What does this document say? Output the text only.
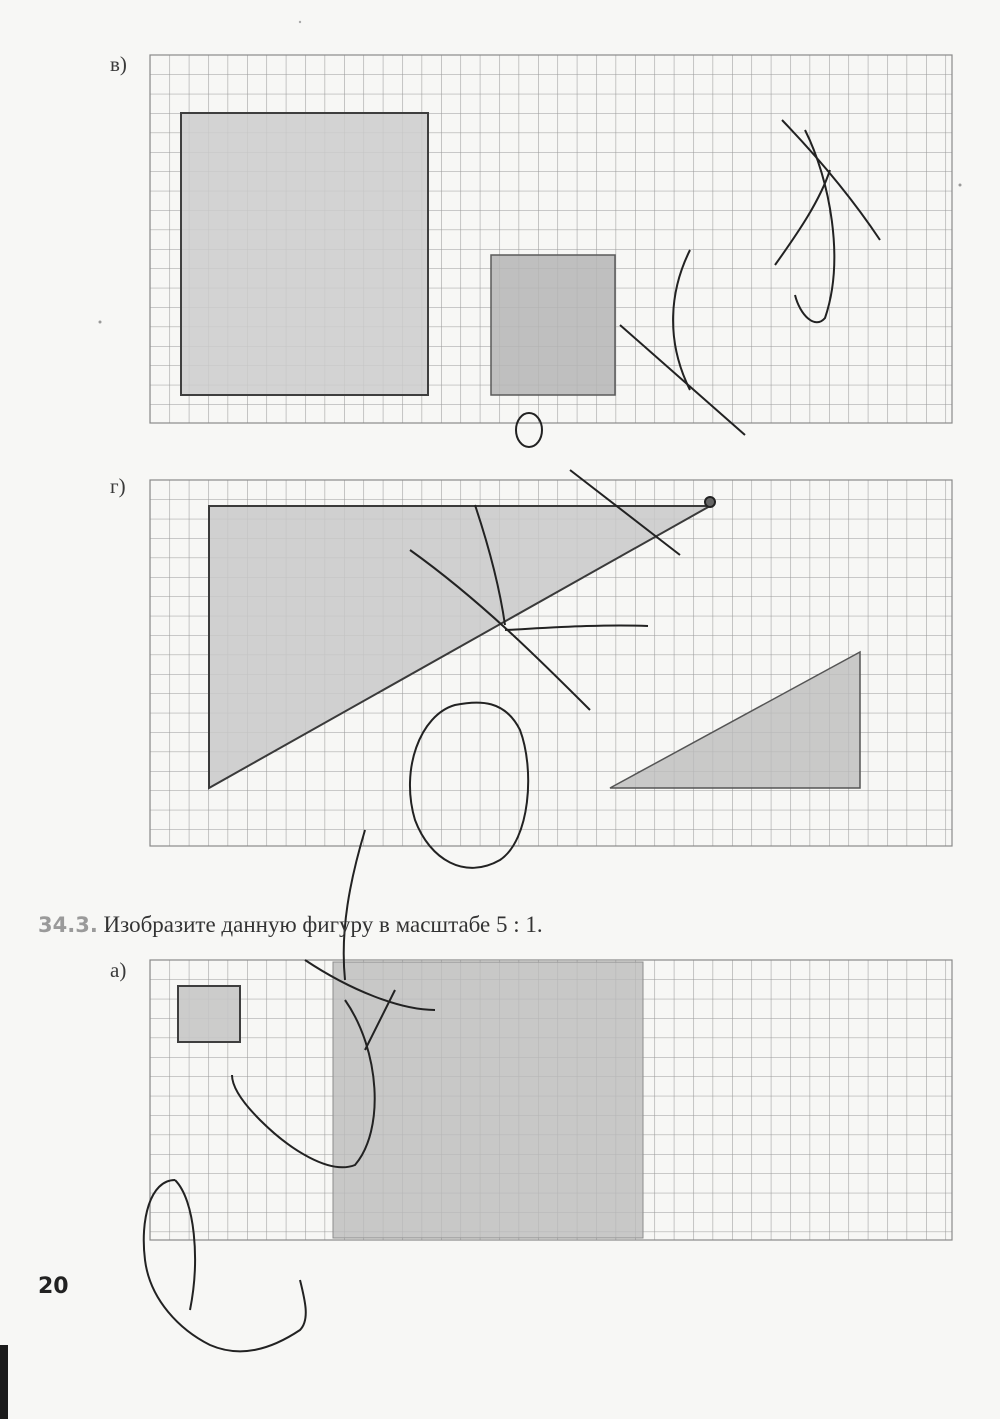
в)
г)
а)
34.3. Изобразите данную фигуру в масштабе 5 : 1.
20
